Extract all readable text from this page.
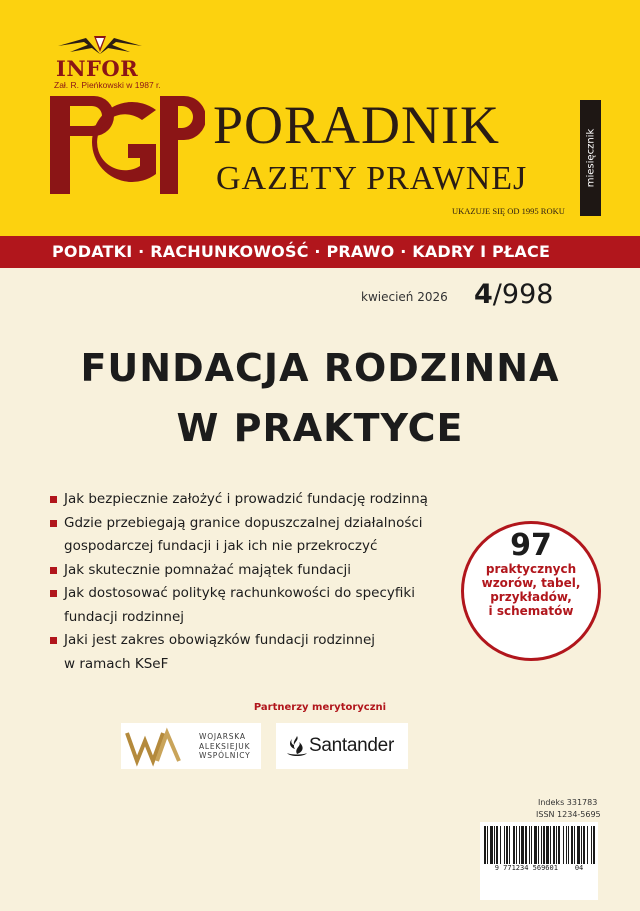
INFOR
Zał. R. Pieńkowski w 1987 r.
PORADNIK
GAZETY PRAWNEJ
UKAZUJE SIĘ OD 1995 ROKU
miesięcznik
PODATKI · RACHUNKOWOŚĆ · PRAWO · KADRY I PŁACE
kwiecień 2026 4/998
FUNDACJA RODZINNA
W PRAKTYCE
Jak bezpiecznie założyć i prowadzić fundację rodzinną
Gdzie przebiegają granice dopuszczalnej działalności
gospodarczej fundacji i jak ich nie przekroczyć
Jak skutecznie pomnażać majątek fundacji
Jak dostosować politykę rachunkowości do specyfiki
fundacji rodzinnej
Jaki jest zakres obowiązków fundacji rodzinnej
w ramach KSeF
97
praktycznych
wzorów, tabel,
przykładów,
i schematów
Partnerzy merytoryczni
WOJARSKA
ALEKSIEJUK
WSPÓLNICY	Santander
Indeks 331783
ISSN 1234-5695
9 771234 569601 04
